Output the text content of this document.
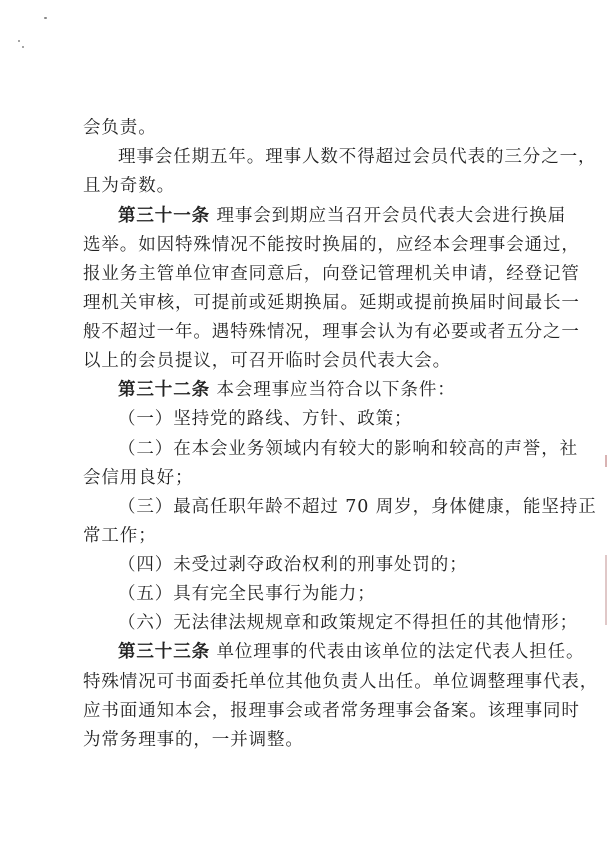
会负责。
理事会任期五年。理事人数不得超过会员代表的三分之一，
且为奇数。
第三十一条 理事会到期应当召开会员代表大会进行换届
选举。如因特殊情况不能按时换届的，应经本会理事会通过，
报业务主管单位审查同意后，向登记管理机关申请，经登记管
理机关审核，可提前或延期换届。延期或提前换届时间最长一
般不超过一年。遇特殊情况，理事会认为有必要或者五分之一
以上的会员提议，可召开临时会员代表大会。
第三十二条 本会理事应当符合以下条件：
（一）坚持党的路线、方针、政策；
（二）在本会业务领域内有较大的影响和较高的声誉，社
会信用良好；
（三）最高任职年龄不超过 70 周岁，身体健康，能坚持正
常工作；
（四）未受过剥夺政治权利的刑事处罚的；
（五）具有完全民事行为能力；
（六）无法律法规规章和政策规定不得担任的其他情形；
第三十三条 单位理事的代表由该单位的法定代表人担任。
特殊情况可书面委托单位其他负责人出任。单位调整理事代表，
应书面通知本会，报理事会或者常务理事会备案。该理事同时
为常务理事的，一并调整。
